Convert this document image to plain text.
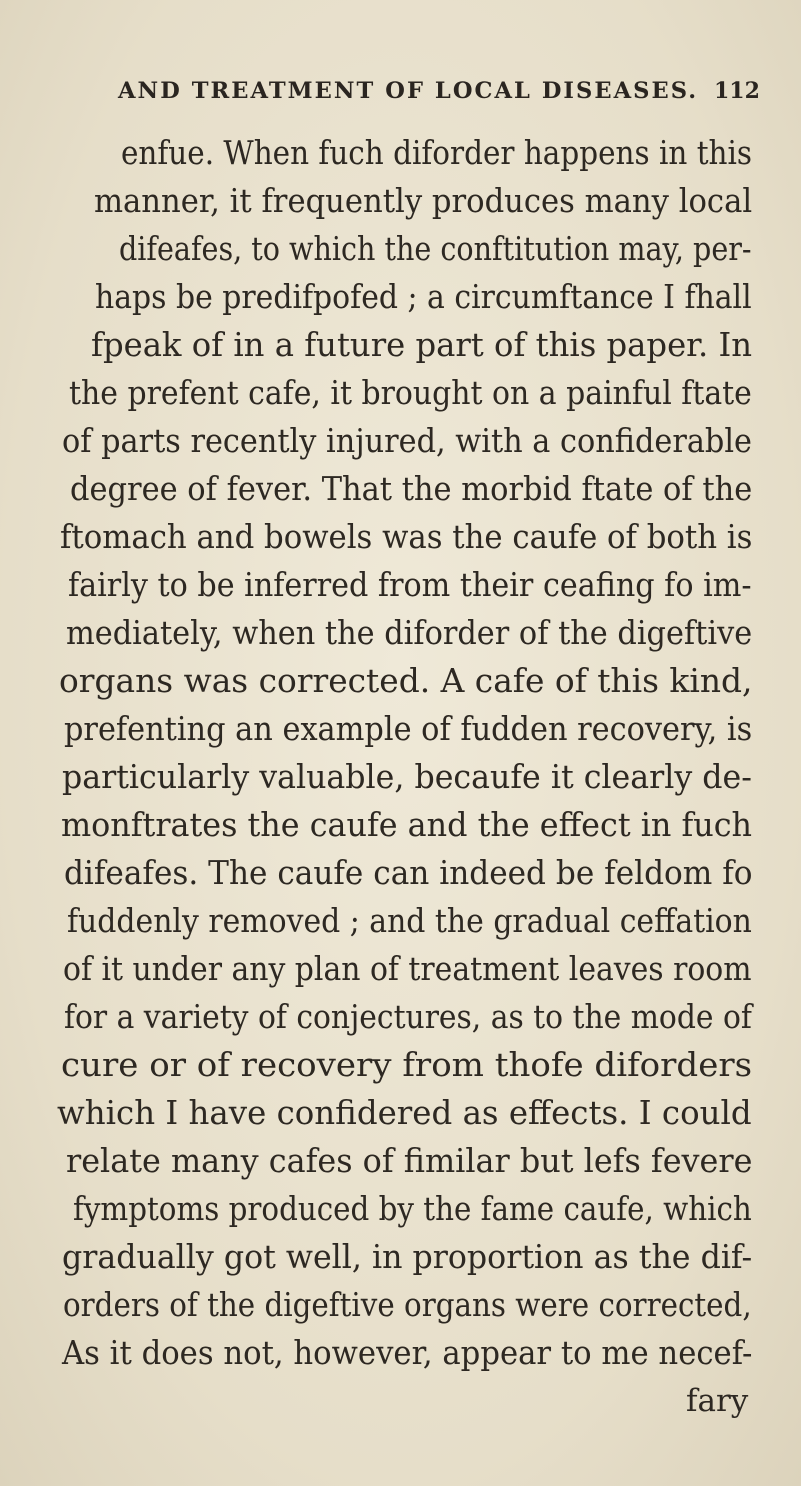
AND TREATMENT OF LOCAL DISEASES. 112
enfue. When fuch diforder happens in this
manner, it frequently produces many local
difeafes, to which the conftitution may, per-
haps be predifpofed ; a circumftance I fhall
fpeak of in a future part of this paper. In
the prefent cafe, it brought on a painful ftate
of parts recently injured, with a confiderable
degree of fever. That the morbid ftate of the
ftomach and bowels was the caufe of both is
fairly to be inferred from their ceafing fo im-
mediately, when the diforder of the digeftive
organs was corrected. A cafe of this kind,
prefenting an example of fudden recovery, is
particularly valuable, becaufe it clearly de-
monftrates the caufe and the effect in fuch
difeafes. The caufe can indeed be feldom fo
fuddenly removed ; and the gradual ceffation
of it under any plan of treatment leaves room
for a variety of conjectures, as to the mode of
cure or of recovery from thofe diforders
which I have confidered as effects. I could
relate many cafes of fimilar but lefs fevere
fymptoms produced by the fame caufe, which
gradually got well, in proportion as the dif-
orders of the digeftive organs were corrected,
As it does not, however, appear to me necef-
fary
